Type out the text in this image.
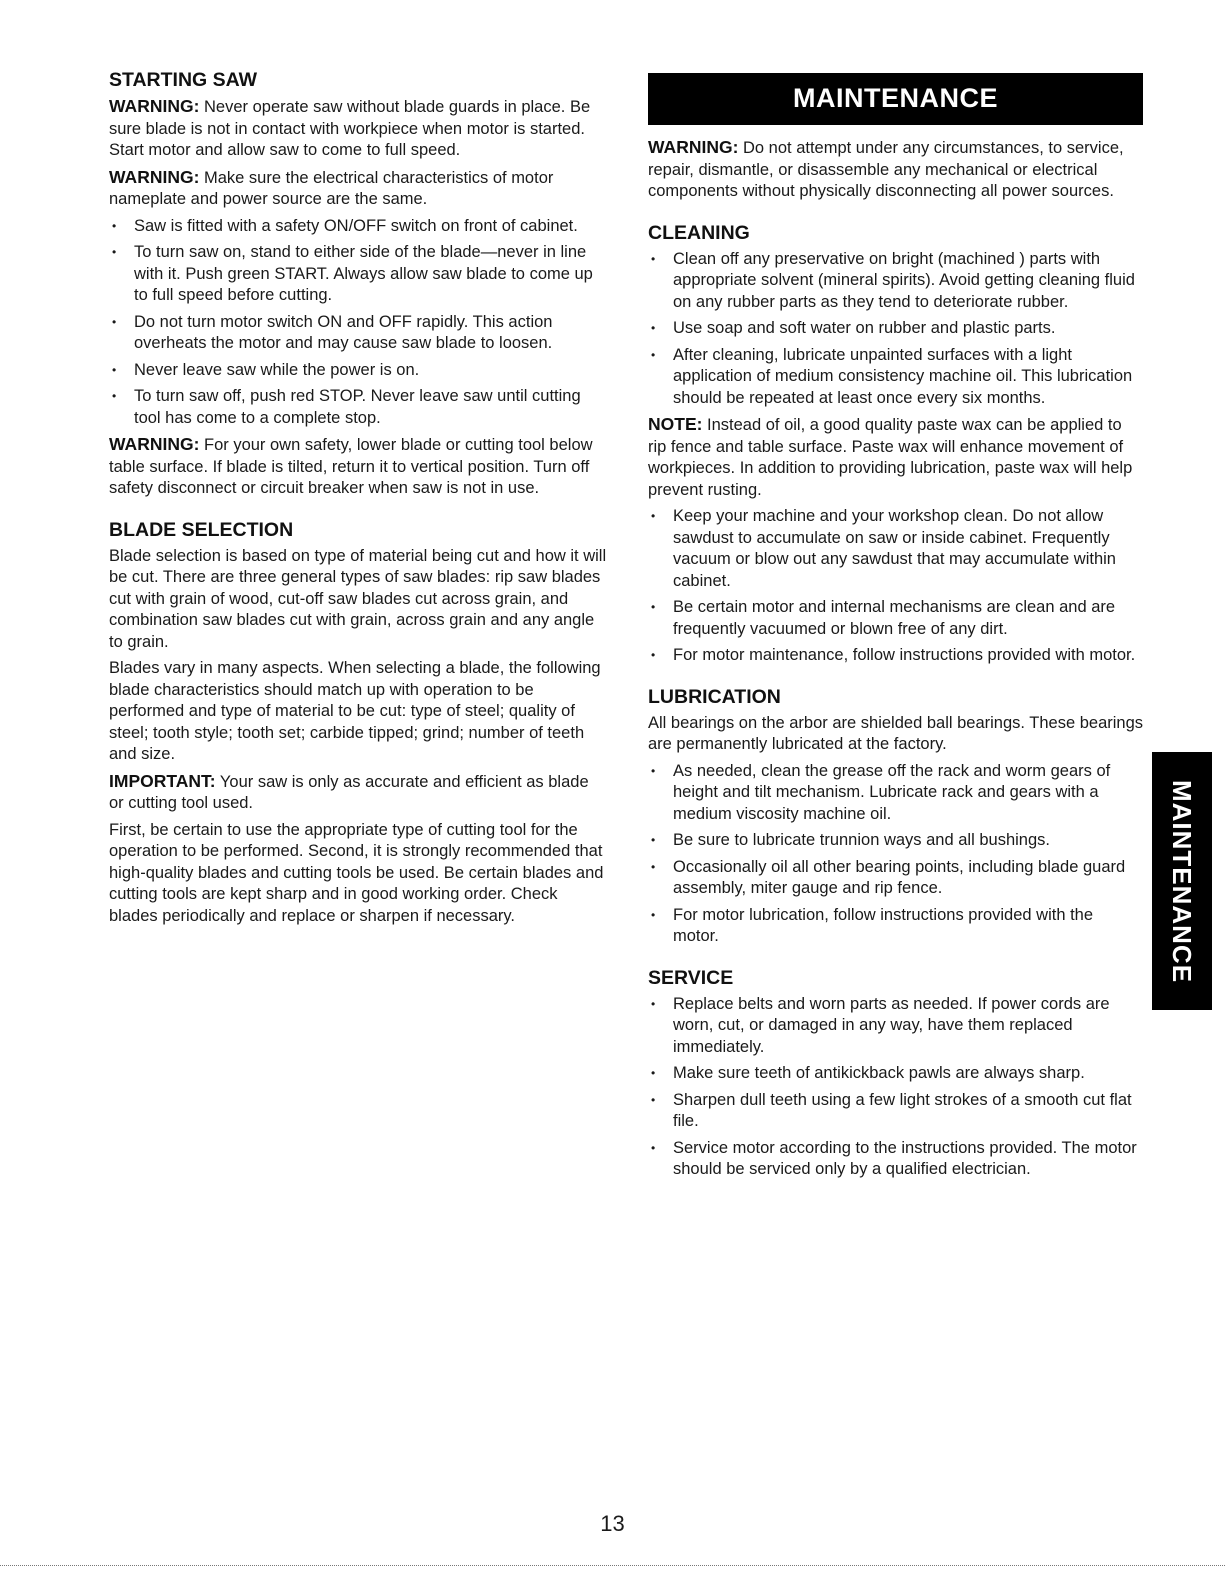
STARTING SAW

WARNING: Never operate saw without blade guards in place. Be sure blade is not in contact with workpiece when motor is started. Start motor and allow saw to come to full speed.

WARNING: Make sure the electrical characteristics of motor nameplate and power source are the same.

• Saw is fitted with a safety ON/OFF switch on front of cabinet.
• To turn saw on, stand to either side of the blade—never in line with it. Push green START. Always allow saw blade to come up to full speed before cutting.
• Do not turn motor switch ON and OFF rapidly. This action overheats the motor and may cause saw blade to loosen.
• Never leave saw while the power is on.
• To turn saw off, push red STOP. Never leave saw until cutting tool has come to a complete stop.

WARNING: For your own safety, lower blade or cutting tool below table surface. If blade is tilted, return it to vertical position. Turn off safety disconnect or circuit breaker when saw is not in use.

BLADE SELECTION

Blade selection is based on type of material being cut and how it will be cut. There are three general types of saw blades: rip saw blades cut with grain of wood, cut-off saw blades cut across grain, and combination saw blades cut with grain, across grain and any angle to grain.

Blades vary in many aspects. When selecting a blade, the following blade characteristics should match up with operation to be performed and type of material to be cut: type of steel; quality of steel; tooth style; tooth set; carbide tipped; grind; number of teeth and size.

IMPORTANT: Your saw is only as accurate and efficient as blade or cutting tool used.

First, be certain to use the appropriate type of cutting tool for the operation to be performed. Second, it is strongly recommended that high-quality blades and cutting tools be used. Be certain blades and cutting tools are kept sharp and in good working order. Check blades periodically and replace or sharpen if necessary.

MAINTENANCE

WARNING: Do not attempt under any circumstances, to service, repair, dismantle, or disassemble any mechanical or electrical components without physically disconnecting all power sources.

CLEANING
• Clean off any preservative on bright (machined ) parts with appropriate solvent (mineral spirits). Avoid getting cleaning fluid on any rubber parts as they tend to deteriorate rubber.
• Use soap and soft water on rubber and plastic parts.
• After cleaning, lubricate unpainted surfaces with a light application of medium consistency machine oil. This lubrication should be repeated at least once every six months.

NOTE: Instead of oil, a good quality paste wax can be applied to rip fence and table surface. Paste wax will enhance movement of workpieces. In addition to providing lubrication, paste wax will help prevent rusting.

• Keep your machine and your workshop clean. Do not allow sawdust to accumulate on saw or inside cabinet. Frequently vacuum or blow out any sawdust that may accumulate within cabinet.
• Be certain motor and internal mechanisms are clean and are frequently vacuumed or blown free of any dirt.
• For motor maintenance, follow instructions provided with motor.
LUBRICATION

All bearings on the arbor are shielded ball bearings. These bearings are permanently lubricated at the factory.

• As needed, clean the grease off the rack and worm gears of height and tilt mechanism. Lubricate rack and gears with a medium viscosity machine oil.
• Be sure to lubricate trunnion ways and all bushings.
• Occasionally oil all other bearing points, including blade guard assembly, miter gauge and rip fence.
• For motor lubrication, follow instructions provided with the motor.
SERVICE
• Replace belts and worn parts as needed. If power cords are worn, cut, or damaged in any way, have them replaced immediately.
• Make sure teeth of antikickback pawls are always sharp.
• Sharpen dull teeth using a few light strokes of a smooth cut flat file.
• Service motor according to the instructions provided. The motor should be serviced only by a qualified electrician.
MAINTENANCE
13
